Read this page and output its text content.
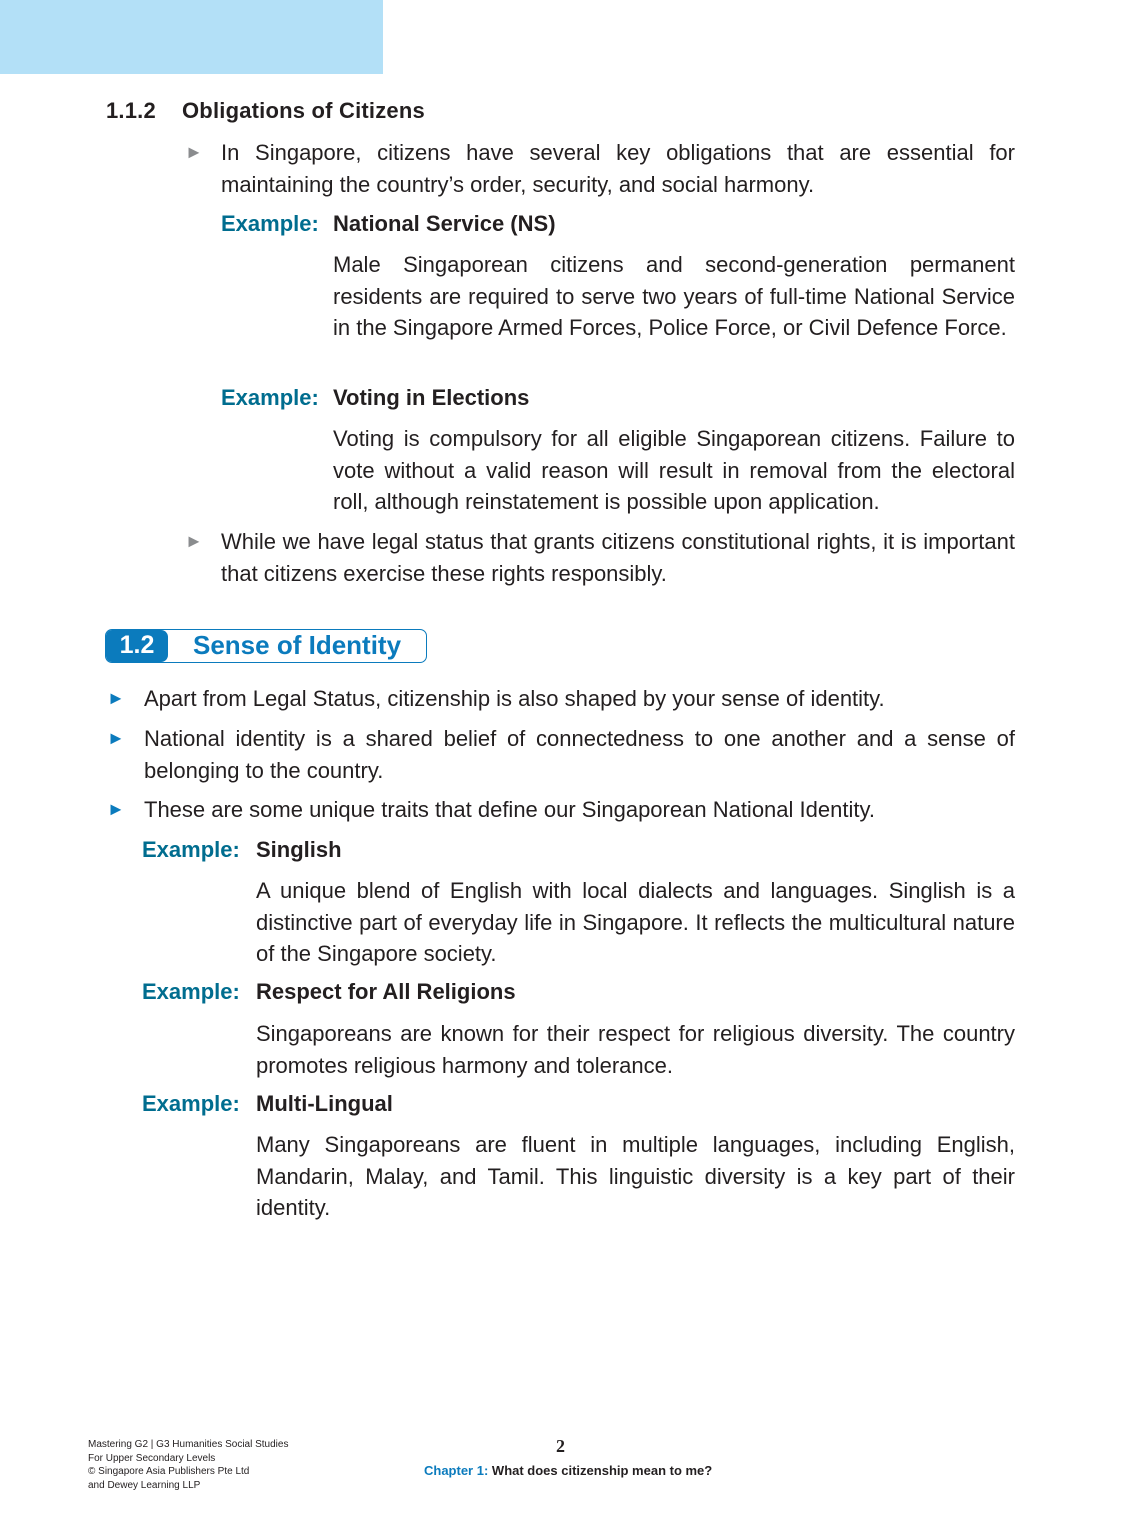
1.1.2 Obligations of Citizens
► In Singapore, citizens have several key obligations that are essential for maintaining the country’s order, security, and social harmony.
Example: National Service (NS)
Male Singaporean citizens and second-generation permanent residents are required to serve two years of full-time National Service in the Singapore Armed Forces, Police Force, or Civil Defence Force.
Example: Voting in Elections
Voting is compulsory for all eligible Singaporean citizens. Failure to vote without a valid reason will result in removal from the electoral roll, although reinstatement is possible upon application.
► While we have legal status that grants citizens constitutional rights, it is important that citizens exercise these rights responsibly.
1.2	Sense of Identity
► Apart from Legal Status, citizenship is also shaped by your sense of identity.
► National identity is a shared belief of connectedness to one another and a sense of belonging to the country.
► These are some unique traits that define our Singaporean National Identity.
Example: Singlish
A unique blend of English with local dialects and languages. Singlish is a distinctive part of everyday life in Singapore. It reflects the multicultural nature of the Singapore society.
Example: Respect for All Religions
Singaporeans are known for their respect for religious diversity. The country promotes religious harmony and tolerance.
Example: Multi-Lingual
Many Singaporeans are fluent in multiple languages, including English, Mandarin, Malay, and Tamil. This linguistic diversity is a key part of their identity.
Mastering G2 | G3 Humanities Social Studies
For Upper Secondary Levels
© Singapore Asia Publishers Pte Ltd
and Dewey Learning LLP
2
Chapter 1: What does citizenship mean to me?
